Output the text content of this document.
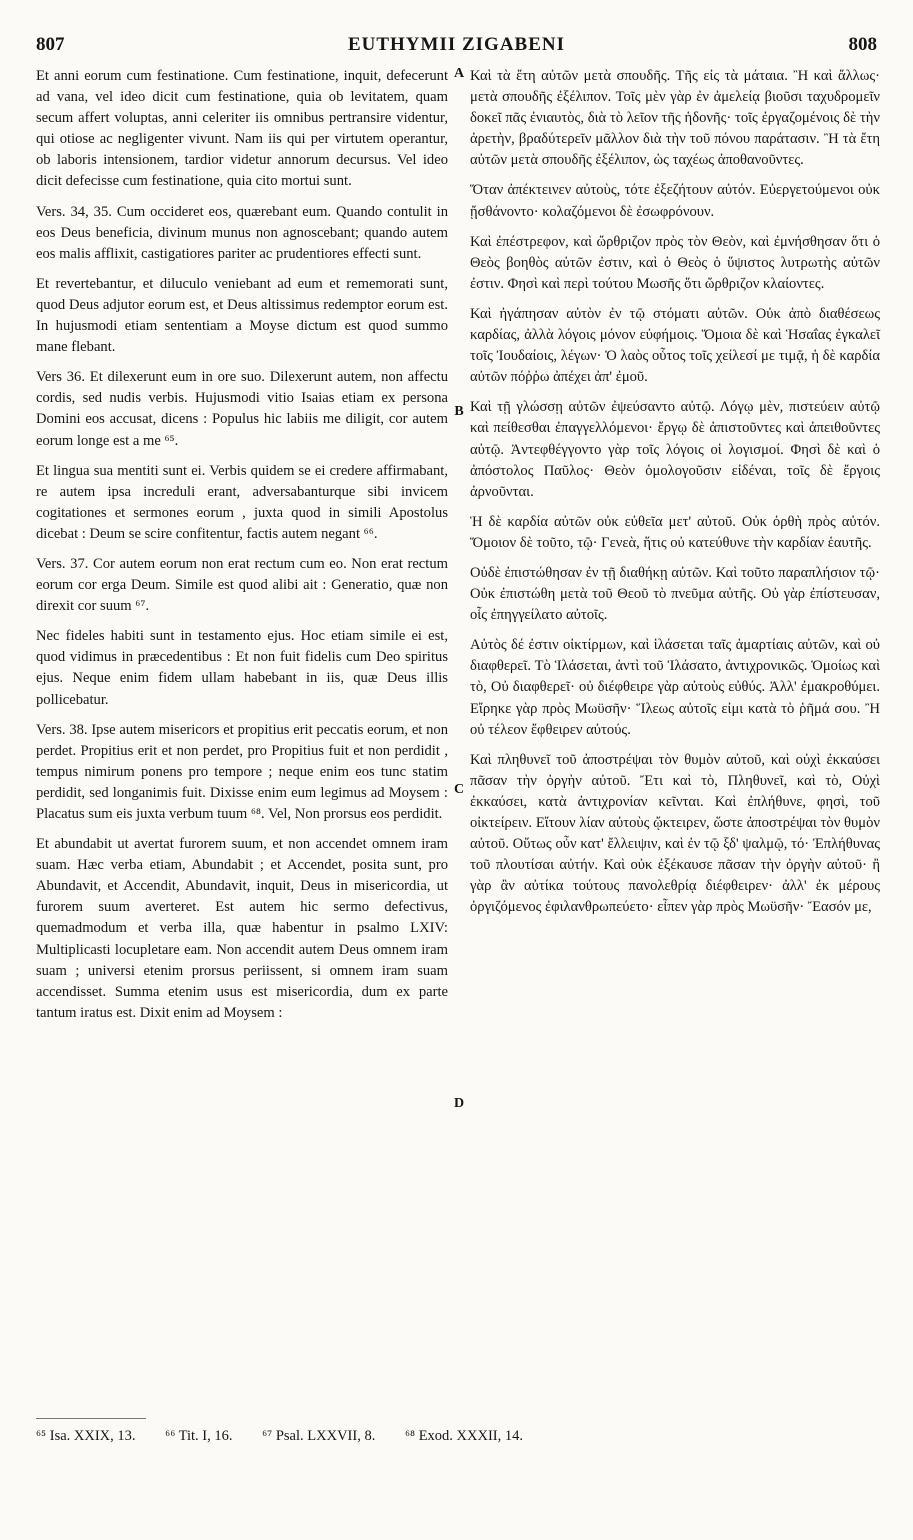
807	EUTHYMII ZIGABENI	808

Et anni eorum cum festinatione. Cum festinatione, inquit, defecerunt ad vana, vel ideo dicit cum festinatione, quia ob levitatem, quam secum affert voluptas, anni celeriter iis omnibus pertransire videntur, qui otiose ac negligenter vivunt. Nam iis qui per virtutem operantur, ob laboris intensionem, tardior videtur annorum decursus. Vel ideo dicit defecisse cum festinatione, quia cito mortui sunt.

Vers. 34, 35. Cum occideret eos, quærebant eum. Quando contulit in eos Deus beneficia, divinum munus non agnoscebant; quando autem eos malis afflixit, castigatiores pariter ac prudentiores effecti sunt.

Et revertebantur, et diluculo veniebant ad eum et rememorati sunt, quod Deus adjutor eorum est, et Deus altissimus redemptor eorum est. In hujusmodi etiam sententiam a Moyse dictum est quod summo mane flebant.

Vers 36. Et dilexerunt eum in ore suo. Dilexerunt autem, non affectu cordis, sed nudis verbis. Hujusmodi vitio Isaias etiam ex persona Domini eos accusat, dicens : Populus hic labiis me diligit, cor autem eorum longe est a me ⁶⁵.

Et lingua sua mentiti sunt ei. Verbis quidem se ei credere affirmabant, re autem ipsa increduli erant, adversabanturque sibi invicem cogitationes et sermones eorum , juxta quod in simili Apostolus dicebat : Deum se scire confitentur, factis autem negant ⁶⁶.

Vers. 37. Cor autem eorum non erat rectum cum eo. Non erat rectum eorum cor erga Deum. Simile est quod alibi ait : Generatio, quæ non direxit cor suum ⁶⁷.

Nec fideles habiti sunt in testamento ejus. Hoc etiam simile ei est, quod vidimus in præcedentibus : Et non fuit fidelis cum Deo spiritus ejus. Neque enim fidem ullam habebant in iis, quæ Deus illis pollicebatur.

Vers. 38. Ipse autem misericors et propitius erit peccatis eorum, et non perdet. Propitius erit et non perdet, pro Propitius fuit et non perdidit , tempus nimirum ponens pro tempore ; neque enim eos tunc statim perdidit, sed longanimis fuit. Dixisse enim eum legimus ad Moysem : Placatus sum eis juxta verbum tuum ⁶⁸. Vel, Non prorsus eos perdidit.

Et abundabit ut avertat furorem suum, et non accendet omnem iram suam. Hæc verba etiam, Abundabit ; et Accendet, posita sunt, pro Abundavit, et Accendit, Abundavit, inquit, Deus in misericordia, ut furorem suum averteret. Est autem hic sermo defectivus, quemadmodum et verba illa, quæ habentur in psalmo LXIV: Multiplicasti locupletare eam. Non accendit autem Deus omnem iram suam ; universi etenim prorsus periissent, si omnem iram suam accendisset. Summa etenim usus est misericordia, dum ex parte tantum iratus est. Dixit enim ad Moysem :

A
B
C
D

Καὶ τὰ ἔτη αὐτῶν μετὰ σπουδῆς. Τῆς εἰς τὰ μάταια. Ἢ καὶ ἄλλως· μετὰ σπουδῆς ἐξέλιπον. Τοῖς μὲν γὰρ ἐν ἀμελείᾳ βιοῦσι ταχυδρομεῖν δοκεῖ πᾶς ἐνιαυτὸς, διὰ τὸ λεῖον τῆς ἡδονῆς· τοῖς ἐργαζομένοις δὲ τὴν ἀρετὴν, βραδύτερεῖν μᾶλλον διὰ τὴν τοῦ πόνου παράτασιν. Ἢ τὰ ἔτη αὐτῶν μετὰ σπουδῆς ἐξέλιπον, ὡς ταχέως ἀποθανοῦντες.

Ὅταν ἀπέκτεινεν αὐτοὺς, τότε ἐξεζήτουν αὐτόν. Εὐεργετούμενοι οὐκ ᾔσθάνοντο· κολαζόμενοι δὲ ἐσωφρόνουν.

Καὶ ἐπέστρεφον, καὶ ὤρθριζον πρὸς τὸν Θεὸν, καὶ ἐμνήσθησαν ὅτι ὁ Θεὸς βοηθὸς αὐτῶν ἐστιν, καὶ ὁ Θεὸς ὁ ὕψιστος λυτρωτὴς αὐτῶν ἐστιν. Φησὶ καὶ περὶ τούτου Μωσῆς ὅτι ὤρθριζον κλαίοντες.

Καὶ ἠγάπησαν αὐτὸν ἐν τῷ στόματι αὐτῶν. Οὐκ ἀπὸ διαθέσεως καρδίας, ἀλλὰ λόγοις μόνον εὐφήμοις. Ὅμοια δὲ καὶ Ἡσαΐας ἐγκαλεῖ τοῖς Ἰουδαίοις, λέγων· Ὁ λαὸς οὗτος τοῖς χείλεσί με τιμᾷ, ἡ δὲ καρδία αὐτῶν πόῤῥω ἀπέχει ἀπ' ἐμοῦ.

Καὶ τῇ γλώσσῃ αὐτῶν ἐψεύσαντο αὐτῷ. Λόγῳ μὲν, πιστεύειν αὐτῷ καὶ πείθεσθαι ἐπαγγελλόμενοι· ἔργῳ δὲ ἀπιστοῦντες καὶ ἀπειθοῦντες αὐτῷ. Ἀντεφθέγγοντο γὰρ τοῖς λόγοις οἱ λογισμοί. Φησὶ δὲ καὶ ὁ ἀπόστολος Παῦλος· Θεὸν ὁμολογοῦσιν εἰδέναι, τοῖς δὲ ἔργοις ἀρνοῦνται.

Ἡ δὲ καρδία αὐτῶν οὐκ εὐθεῖα μετ' αὐτοῦ. Οὐκ ὀρθὴ πρὸς αὐτόν. Ὅμοιον δὲ τοῦτο, τῷ· Γενεὰ, ἥτις οὐ κατεύθυνε τὴν καρδίαν ἑαυτῆς.

Οὐδὲ ἐπιστώθησαν ἐν τῇ διαθήκῃ αὐτῶν. Καὶ τοῦτο παραπλήσιον τῷ· Οὐκ ἐπιστώθη μετὰ τοῦ Θεοῦ τὸ πνεῦμα αὐτῆς. Οὐ γὰρ ἐπίστευσαν, οἷς ἐπηγγείλατο αὐτοῖς.

Αὐτὸς δέ ἐστιν οἰκτίρμων, καὶ ἱλάσεται ταῖς ἁμαρτίαις αὐτῶν, καὶ οὐ διαφθερεῖ. Τὸ Ἱλάσεται, ἀντὶ τοῦ Ἱλάσατο, ἀντιχρονικῶς. Ὁμοίως καὶ τὸ, Οὐ διαφθερεῖ· οὐ διέφθειρε γὰρ αὐτοὺς εὐθύς. Ἀλλ' ἐμακροθύμει. Εἴρηκε γὰρ πρὸς Μωϋσῆν· Ἵλεως αὐτοῖς εἰμι κατὰ τὸ ῥῆμά σου. Ἢ οὐ τέλεον ἔφθειρεν αὐτούς.

Καὶ πληθυνεῖ τοῦ ἀποστρέψαι τὸν θυμὸν αὐτοῦ, καὶ οὐχὶ ἐκκαύσει πᾶσαν τὴν ὀργὴν αὐτοῦ. Ἔτι καὶ τὸ, Πληθυνεῖ, καὶ τὸ, Οὐχὶ ἐκκαύσει, κατὰ ἀντιχρονίαν κεῖνται. Καὶ ἐπλήθυνε, φησὶ, τοῦ οἰκτείρειν. Εἴτουν λίαν αὐτοὺς ᾤκτειρεν, ὥστε ἀποστρέψαι τὸν θυμὸν αὐτοῦ. Οὕτως οὖν κατ' ἔλλειψιν, καὶ ἐν τῷ ξδ' ψαλμῷ, τό· Ἐπλήθυνας τοῦ πλουτίσαι αὐτήν. Καὶ οὐκ ἐξέκαυσε πᾶσαν τὴν ὀργὴν αὐτοῦ· ἢ γὰρ ἂν αὐτίκα τούτους πανολεθρίᾳ διέφθειρεν· ἀλλ' ἐκ μέρους ὀργιζόμενος ἐφιλανθρωπεύετο· εἶπεν γὰρ πρὸς Μωϋσῆν· Ἔασόν με,

⁶⁵ Isa. XXIX, 13. ⁶⁶ Tit. I, 16. ⁶⁷ Psal. LXXVII, 8. ⁶⁸ Exod. XXXII, 14.
